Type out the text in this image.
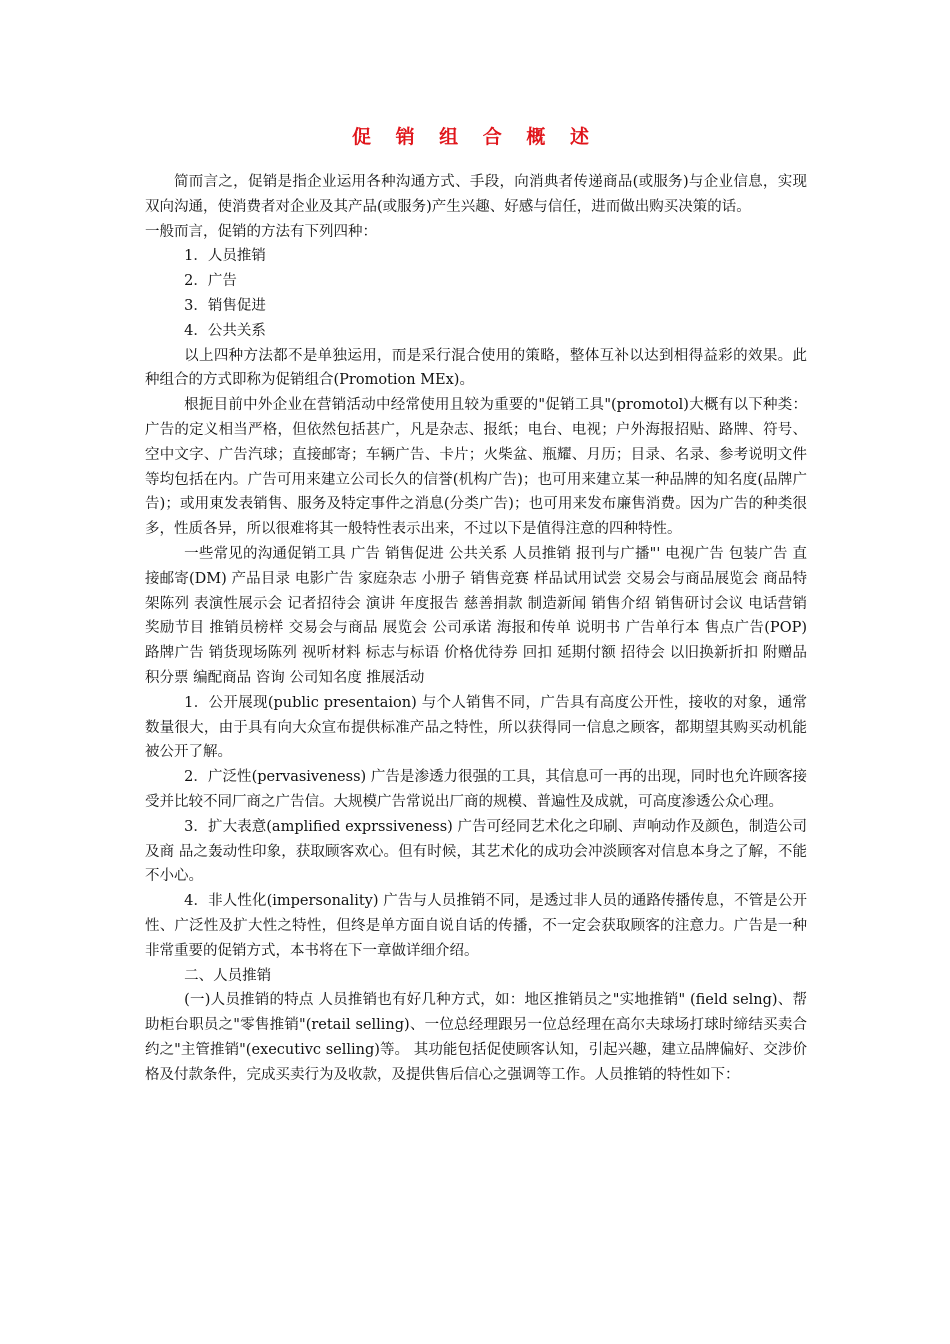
促 销 组 合 概 述

简而言之，促销是指企业运用各种沟通方式、手段，向消典者传递商品(或服务)与企业信息，实现双向沟通，使消费者对企业及其产品(或服务)产生兴趣、好感与信任，进而做出购买决策的话。

一般而言，促销的方法有下列四种：

1．人员推销

2．广告

3．销售促进

4．公共关系

以上四种方法都不是单独运用，而是采行混合使用的策略，整体互补以达到相得益彩的效果。此种组合的方式即称为促销组合(Promotion MEx)。

根扼目前中外企业在营销活动中经常使用且较为重要的"促销工具"(promotol)大概有以下种类：广告的定义相当严格，但依然包括甚广，凡是杂志、报纸；电台、电视；户外海报招贴、路牌、符号、空中文字、广告汽球；直接邮寄；车辆广告、卡片；火柴盆、瓶耀、月历；目录、名录、参考说明文件等均包括在内。广告可用来建立公司长久的信誉(机构广告)；也可用来建立某一种品牌的知名度(品牌广告)；或用東发表销售、服务及特定事件之消息(分类广告)；也可用来发布廉售消费。因为广告的种类很多，性质各异，所以很难将其一般特性表示出来，不过以下是值得注意的四种特性。

一些常见的沟通促销工具 广告 销售促进 公共关系 人员推销 报刊与广播"' 电视广告 包装广告 直接邮寄(DM) 产品目录 电影广告 家庭杂志 小册子 销售竞赛 样品试用试尝 交易会与商品展览会 商品特架陈列 表演性展示会 记者招待会 演讲 年度报告 慈善捐款 制造新闻 销售介绍 销售研讨会议 电话营销 奖励节目 推销员榜样 交易会与商品 展览会 公司承诺 海报和传单 说明书 广告单行本 售点广告(POP) 路牌广告 销货现场陈列 视听材料 标志与标语 价格优待券 回扣 延期付额 招待会 以旧换新折扣 附赠品积分票 编配商品 咨询 公司知名度 推展活动

1．公开展现(public presentaion) 与个人销售不同，广告具有高度公开性，接收的对象，通常数量很大，由于具有向大众宣布提供标准产品之特性，所以获得同一信息之顾客，都期望其购买动机能被公开了解。

2．广泛性(pervasiveness) 广告是渗透力很强的工具，其信息可一再的出现，同时也允许顾客接受并比较不同厂商之广告信。大规模广告常说出厂商的规模、普遍性及成就，可高度渗透公众心理。

3．扩大表意(amplified exprssiveness) 广告可经同艺术化之印刷、声响动作及颜色，制造公司及商 品之轰动性印象，获取顾客欢心。但有时候，其艺术化的成功会冲淡顾客对信息本身之了解，不能不小心。

4．非人性化(impersonality) 广告与人员推销不同，是透过非人员的通路传播传息，不管是公开性、广泛性及扩大性之特性，但终是单方面自说自话的传播，不一定会获取顾客的注意力。广告是一种非常重要的促销方式，本书将在下一章做详细介绍。

二、人员推销

(一)人员推销的特点 人员推销也有好几种方式，如：地区推销员之"实地推销" (field selng)、帮助柜台职员之"零售推销"(retail selling)、一位总经理跟另一位总经理在高尔夫球场打球时缔结买卖合约之"主管推销"(executivc selling)等。 其功能包括促使顾客认知，引起兴趣，建立品牌偏好、交涉价格及付款条件，完成买卖行为及收款，及提供售后信心之强调等工作。人员推销的特性如下：
